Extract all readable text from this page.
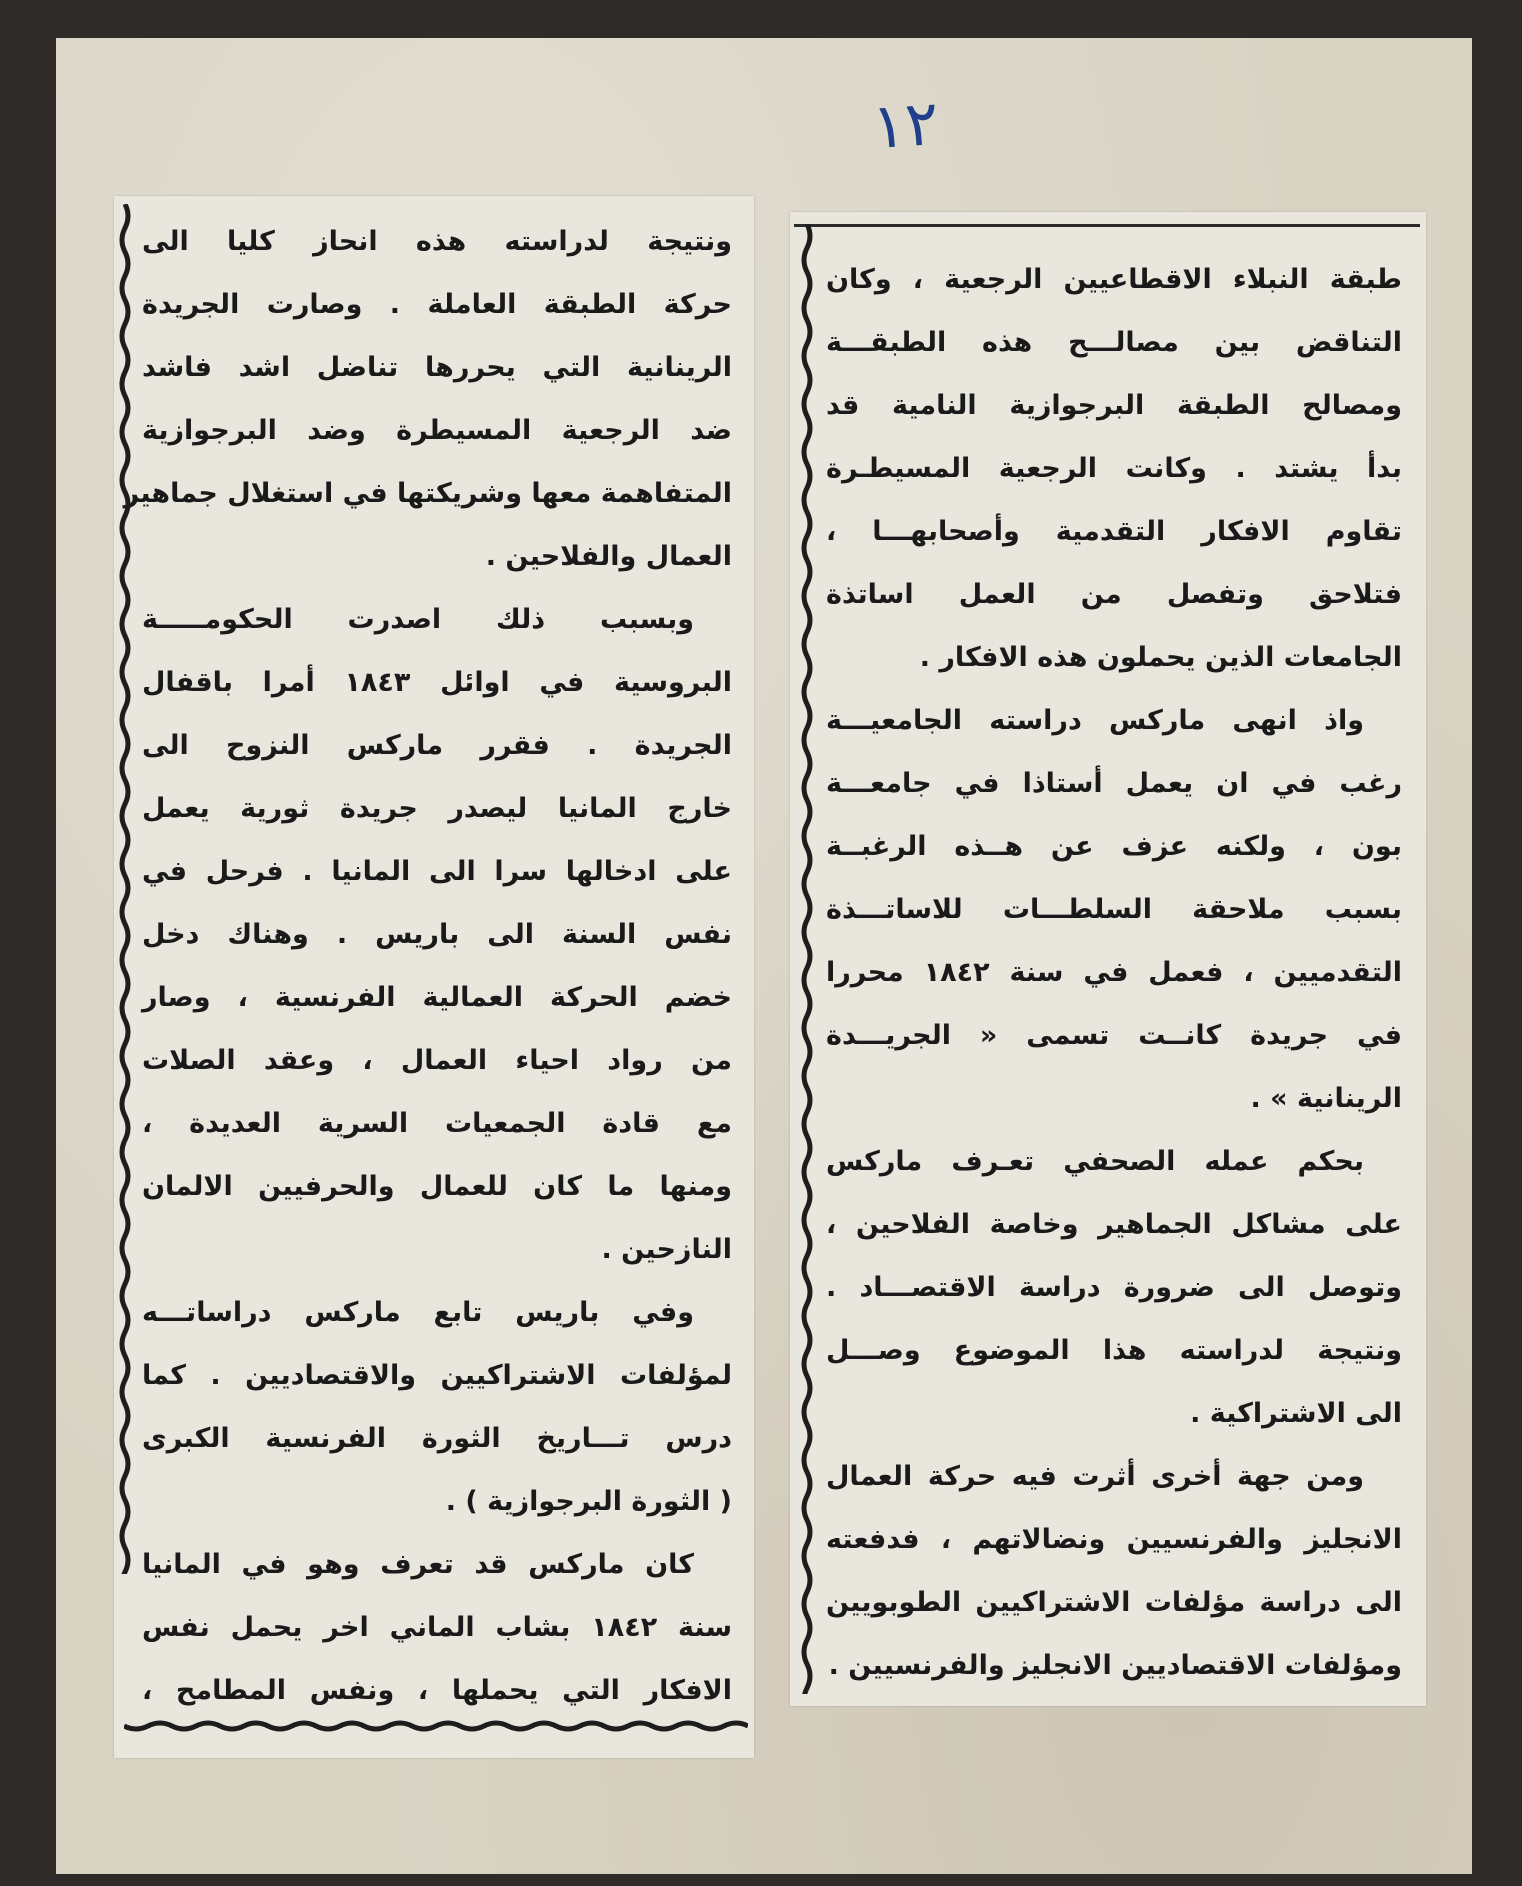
١٢
ونتيجة لدراسته هذه انحاز كليا الى
حركة الطبقة العاملة . وصارت الجريدة
الرينانية التي يحررها تناضل اشد فاشد
ضد الرجعية المسيطرة وضد البرجوازية
المتفاهمة معها وشريكتها في استغلال جماهير
العمال والفلاحين .
وبسبب ذلك اصدرت الحكومـــــة
البروسية في اوائل ١٨٤٣ أمرا باقفال
الجريدة . فقرر ماركس النزوح الى
خارج المانيا ليصدر جريدة ثورية يعمل
على ادخالها سرا الى المانيا . فرحل في
نفس السنة الى باريس . وهناك دخل
خضم الحركة العمالية الفرنسية ، وصار
من رواد احياء العمال ، وعقد الصلات
مع قادة الجمعيات السرية العديدة ،
ومنها ما كان للعمال والحرفيين الالمان
النازحين .
وفي باريس تابع ماركس دراساتـــه
لمؤلفات الاشتراكيين والاقتصاديين . كما
درس تـــاريخ الثورة الفرنسية الكبرى
( الثورة البرجوازية ) .
كان ماركس قد تعرف وهو في المانيا
سنة ١٨٤٢ بشاب الماني اخر يحمل نفس
الافكار التي يحملها ، ونفس المطامح ،
طبقة النبلاء الاقطاعيين الرجعية ، وكان
التناقض بين مصالـــح هذه الطبقـــة
ومصالح الطبقة البرجوازية النامية قد
بدأ يشتد . وكانت الرجعية المسيطـرة
تقاوم الافكار التقدمية وأصحابهـــا ،
فتلاحق وتفصل من العمل اساتذة
الجامعات الذين يحملون هذه الافكار .
واذ انهى ماركس دراسته الجامعيـــة
رغب في ان يعمل أستاذا في جامعـــة
بون ، ولكنه عزف عن هــذه الرغبــة
بسبب ملاحقة السلطـــات للاساتـــذة
التقدميين ، فعمل في سنة ١٨٤٢ محررا
في جريدة كانــت تسمى « الجريـــدة
الرينانية » .
بحكم عمله الصحفي تعـرف ماركس
على مشاكل الجماهير وخاصة الفلاحين ،
وتوصل الى ضرورة دراسة الاقتصـــاد .
ونتيجة لدراسته هذا الموضوع وصـــل
الى الاشتراكية .
ومن جهة أخرى أثرت فيه حركة العمال
الانجليز والفرنسيين ونضالاتهم ، فدفعته
الى دراسة مؤلفات الاشتراكيين الطوبويين
ومؤلفات الاقتصاديين الانجليز والفرنسيين .
